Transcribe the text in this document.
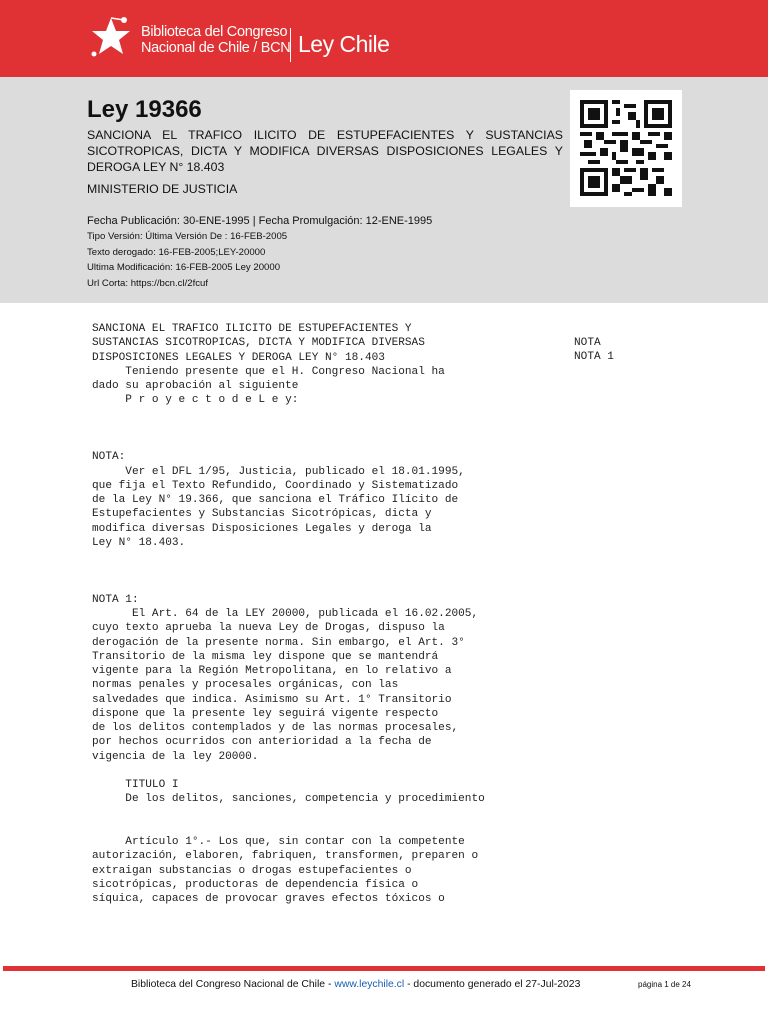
Biblioteca del Congreso
Nacional de Chile / BCN Ley Chile
Ley 19366
SANCIONA EL TRAFICO ILICITO DE ESTUPEFACIENTES Y SUSTANCIAS SICOTROPICAS, DICTA Y MODIFICA DIVERSAS DISPOSICIONES LEGALES Y DEROGA LEY N° 18.403
MINISTERIO DE JUSTICIA
Fecha Publicación: 30-ENE-1995 | Fecha Promulgación: 12-ENE-1995
Tipo Versión: Última Versión De : 16-FEB-2005
Texto derogado: 16-FEB-2005;LEY-20000
Ultima Modificación: 16-FEB-2005 Ley 20000
Url Corta: https://bcn.cl/2fcuf
SANCIONA EL TRAFICO ILICITO DE ESTUPEFACIENTES Y
SUSTANCIAS SICOTROPICAS, DICTA Y MODIFICA DIVERSAS
DISPOSICIONES LEGALES Y DEROGA LEY N° 18.403
Teniendo presente que el H. Congreso Nacional ha
dado su aprobación al siguiente
P r o y e c t o d e L e y:

NOTA:
Ver el DFL 1/95, Justicia, publicado el 18.01.1995,
que fija el Texto Refundido, Coordinado y Sistematizado
de la Ley N° 19.366, que sanciona el Tráfico Ilícito de
Estupefacientes y Substancias Sicotrópicas, dicta y
modifica diversas Disposiciones Legales y deroga la
Ley N° 18.403.

NOTA 1:
El Art. 64 de la LEY 20000, publicada el 16.02.2005,
cuyo texto aprueba la nueva Ley de Drogas, dispuso la
derogación de la presente norma. Sin embargo, el Art. 3°
Transitorio de la misma ley dispone que se mantendrá
vigente para la Región Metropolitana, en lo relativo a
normas penales y procesales orgánicas, con las
salvedades que indica. Asimismo su Art. 1° Transitorio
dispone que la presente ley seguirá vigente respecto
de los delitos contemplados y de las normas procesales,
por hechos ocurridos con anterioridad a la fecha de
vigencia de la ley 20000.

TITULO I
De los delitos, sanciones, competencia y procedimiento

Artículo 1°.- Los que, sin contar con la competente
autorización, elaboren, fabriquen, transformen, preparen o
extraigan substancias o drogas estupefacientes o
sicotrópicas, productoras de dependencia física o
síquica, capaces de provocar graves efectos tóxicos o
NOTA
NOTA 1
Biblioteca del Congreso Nacional de Chile - www.leychile.cl - documento generado el 27-Jul-2023	página 1 de 24
